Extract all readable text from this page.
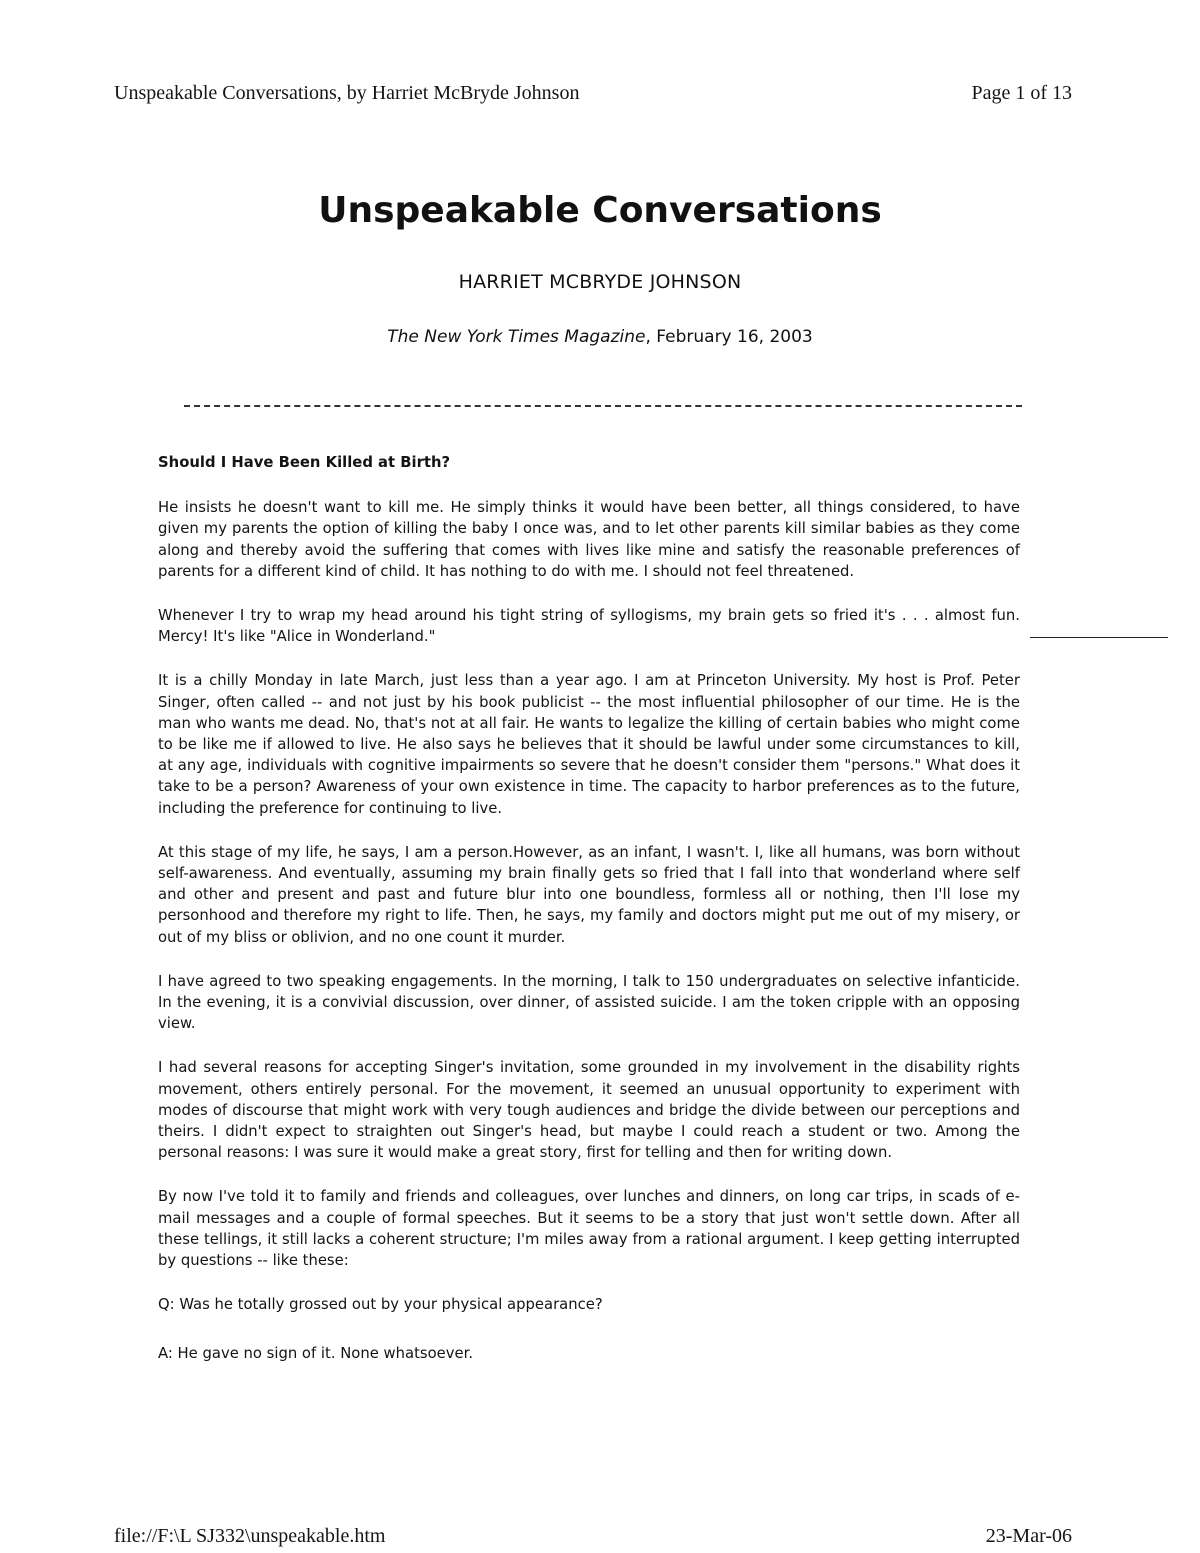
Unspeakable Conversations, by Harriet McBryde Johnson	Page 1 of 13
Unspeakable Conversations
HARRIET MCBRYDE JOHNSON
The New York Times Magazine, February 16, 2003

Should I Have Been Killed at Birth?

He insists he doesn't want to kill me. He simply thinks it would have been better, all things considered, to have given my parents the option of killing the baby I once was, and to let other parents kill similar babies as they come along and thereby avoid the suffering that comes with lives like mine and satisfy the reasonable preferences of parents for a different kind of child. It has nothing to do with me. I should not feel threatened.

Whenever I try to wrap my head around his tight string of syllogisms, my brain gets so fried it's . . . almost fun. Mercy! It's like "Alice in Wonderland."

It is a chilly Monday in late March, just less than a year ago. I am at Princeton University. My host is Prof. Peter Singer, often called -- and not just by his book publicist -- the most influential philosopher of our time. He is the man who wants me dead. No, that's not at all fair. He wants to legalize the killing of certain babies who might come to be like me if allowed to live. He also says he believes that it should be lawful under some circumstances to kill, at any age, individuals with cognitive impairments so severe that he doesn't consider them "persons." What does it take to be a person? Awareness of your own existence in time. The capacity to harbor preferences as to the future, including the preference for continuing to live.

At this stage of my life, he says, I am a person.However, as an infant, I wasn't. I, like all humans, was born without self-awareness. And eventually, assuming my brain finally gets so fried that I fall into that wonderland where self and other and present and past and future blur into one boundless, formless all or nothing, then I'll lose my personhood and therefore my right to life. Then, he says, my family and doctors might put me out of my misery, or out of my bliss or oblivion, and no one count it murder.

I have agreed to two speaking engagements. In the morning, I talk to 150 undergraduates on selective infanticide. In the evening, it is a convivial discussion, over dinner, of assisted suicide. I am the token cripple with an opposing view.

I had several reasons for accepting Singer's invitation, some grounded in my involvement in the disability rights movement, others entirely personal. For the movement, it seemed an unusual opportunity to experiment with modes of discourse that might work with very tough audiences and bridge the divide between our perceptions and theirs. I didn't expect to straighten out Singer's head, but maybe I could reach a student or two. Among the personal reasons: I was sure it would make a great story, first for telling and then for writing down.

By now I've told it to family and friends and colleagues, over lunches and dinners, on long car trips, in scads of e-mail messages and a couple of formal speeches. But it seems to be a story that just won't settle down. After all these tellings, it still lacks a coherent structure; I'm miles away from a rational argument. I keep getting interrupted by questions -- like these:

Q: Was he totally grossed out by your physical appearance?

A: He gave no sign of it. None whatsoever.

file://F:\L SJ332\unspeakable.htm	23-Mar-06
